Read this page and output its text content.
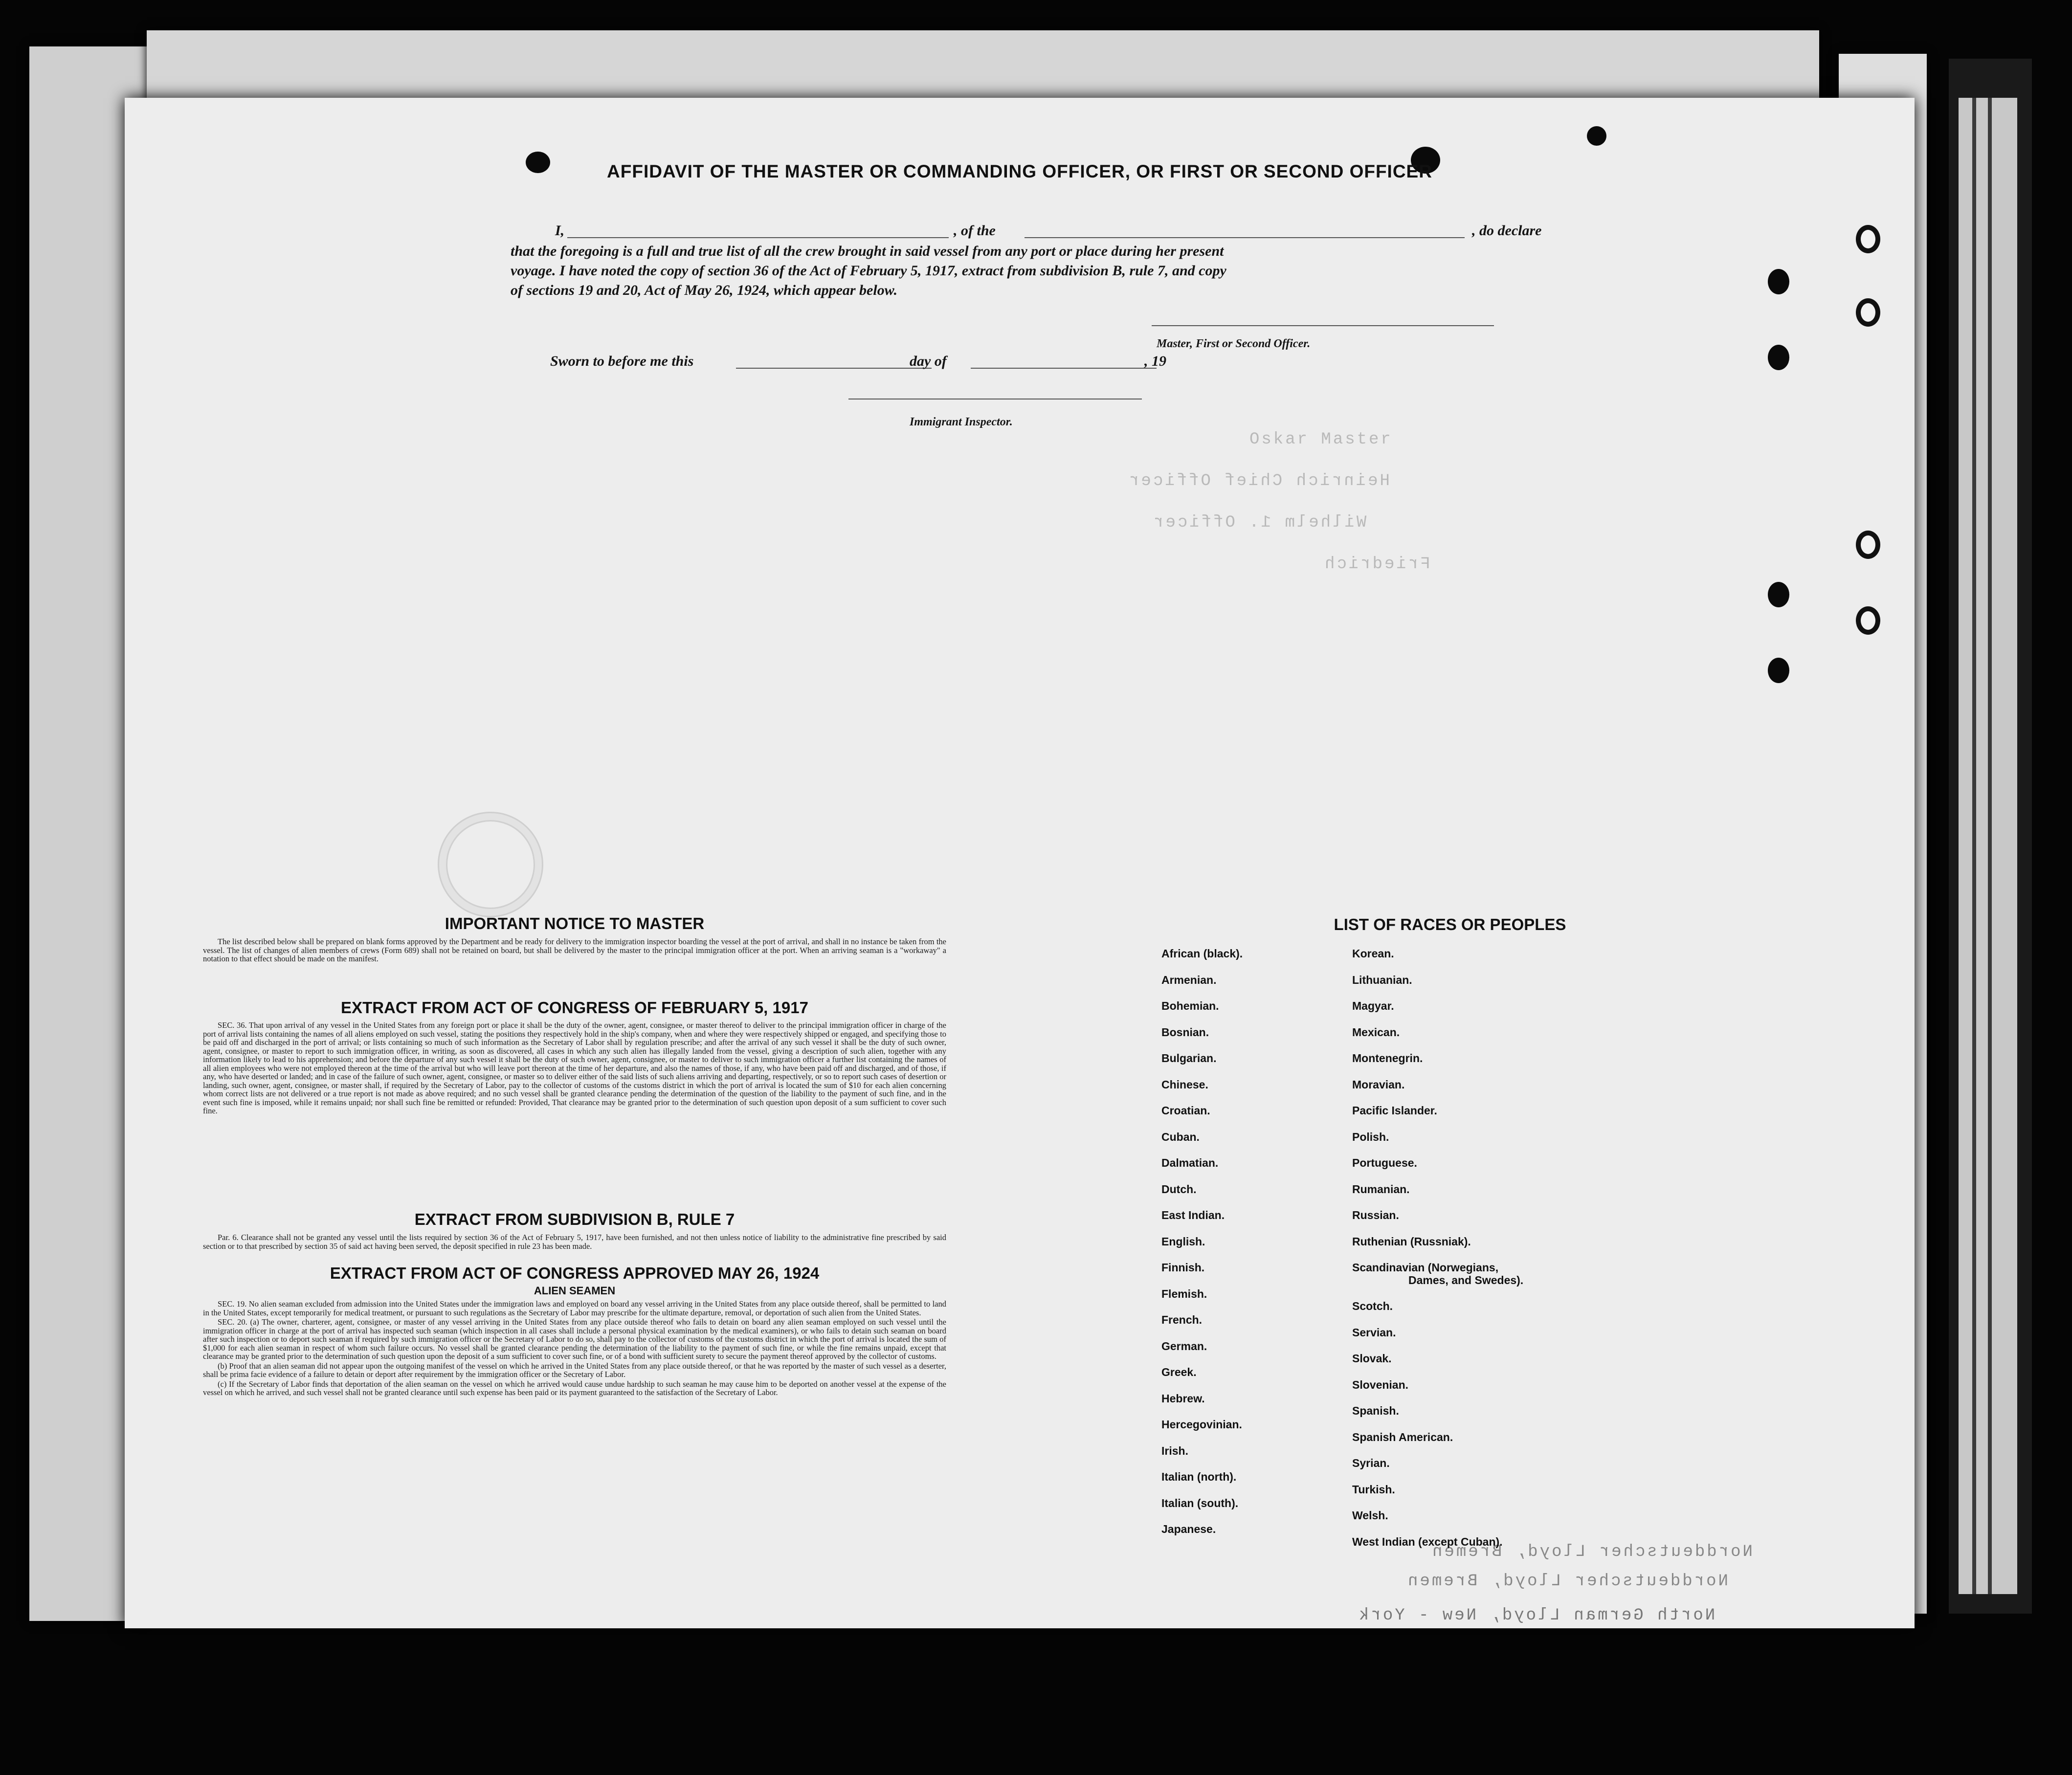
Oskar Master
Heinrich Chief Officer
Wilhelm 1. Officer
Friedrich
Norddeutscher Lloyd, Bremen
Norddeutscher Lloyd, Bremen
North German Lloyd, New - York
AFFIDAVIT OF THE MASTER OR COMMANDING OFFICER, OR FIRST OR SECOND OFFICER
I,	, of the	, do declare
that the foregoing is a full and true list of all the crew brought in said vessel from any port or place during her present
voyage. I have noted the copy of section 36 of the Act of February 5, 1917, extract from subdivision B, rule 7, and copy
of sections 19 and 20, Act of May 26, 1924, which appear below.
Master, First or Second Officer.
Sworn to before me this	day of	, 19
Immigrant Inspector.
IMPORTANT NOTICE TO MASTER

The list described below shall be prepared on blank forms approved by the Department and be ready for delivery to the immigration inspector boarding the vessel at the port of arrival, and shall in no instance be taken from the vessel. The list of changes of alien members of crews (Form 689) shall not be retained on board, but shall be delivered by the master to the principal immigration officer at the port. When an arriving seaman is a "workaway" a notation to that effect should be made on the manifest.

EXTRACT FROM ACT OF CONGRESS OF FEBRUARY 5, 1917

SEC. 36. That upon arrival of any vessel in the United States from any foreign port or place it shall be the duty of the owner, agent, consignee, or master thereof to deliver to the principal immigration officer in charge of the port of arrival lists containing the names of all aliens employed on such vessel, stating the positions they respectively hold in the ship's company, when and where they were respectively shipped or engaged, and specifying those to be paid off and discharged in the port of arrival; or lists containing so much of such information as the Secretary of Labor shall by regulation prescribe; and after the arrival of any such vessel it shall be the duty of such owner, agent, consignee, or master to report to such immigration officer, in writing, as soon as discovered, all cases in which any such alien has illegally landed from the vessel, giving a description of such alien, together with any information likely to lead to his apprehension; and before the departure of any such vessel it shall be the duty of such owner, agent, consignee, or master to deliver to such immigration officer a further list containing the names of all alien employees who were not employed thereon at the time of the arrival but who will leave port thereon at the time of her departure, and also the names of those, if any, who have been paid off and discharged, and of those, if any, who have deserted or landed; and in case of the failure of such owner, agent, consignee, or master so to deliver either of the said lists of such aliens arriving and departing, respectively, or so to report such cases of desertion or landing, such owner, agent, consignee, or master shall, if required by the Secretary of Labor, pay to the collector of customs of the customs district in which the port of arrival is located the sum of $10 for each alien concerning whom correct lists are not delivered or a true report is not made as above required; and no such vessel shall be granted clearance pending the determination of the question of the liability to the payment of such fine, and in the event such fine is imposed, while it remains unpaid; nor shall such fine be remitted or refunded: Provided, That clearance may be granted prior to the determination of such question upon deposit of a sum sufficient to cover such fine.

EXTRACT FROM SUBDIVISION B, RULE 7

Par. 6. Clearance shall not be granted any vessel until the lists required by section 36 of the Act of February 5, 1917, have been furnished, and not then unless notice of liability to the administrative fine prescribed by said section or to that prescribed by section 35 of said act having been served, the deposit specified in rule 23 has been made.

EXTRACT FROM ACT OF CONGRESS APPROVED MAY 26, 1924
ALIEN SEAMEN

SEC. 19. No alien seaman excluded from admission into the United States under the immigration laws and employed on board any vessel arriving in the United States from any place outside thereof, shall be permitted to land in the United States, except temporarily for medical treatment, or pursuant to such regulations as the Secretary of Labor may prescribe for the ultimate departure, removal, or deportation of such alien from the United States.

SEC. 20. (a) The owner, charterer, agent, consignee, or master of any vessel arriving in the United States from any place outside thereof who fails to detain on board any alien seaman employed on such vessel until the immigration officer in charge at the port of arrival has inspected such seaman (which inspection in all cases shall include a personal physical examination by the medical examiners), or who fails to detain such seaman on board after such inspection or to deport such seaman if required by such immigration officer or the Secretary of Labor to do so, shall pay to the collector of customs of the customs district in which the port of arrival is located the sum of $1,000 for each alien seaman in respect of whom such failure occurs. No vessel shall be granted clearance pending the determination of the liability to the payment of such fine, or while the fine remains unpaid, except that clearance may be granted prior to the determination of such question upon the deposit of a sum sufficient to cover such fine, or of a bond with sufficient surety to secure the payment thereof approved by the collector of customs.

(b) Proof that an alien seaman did not appear upon the outgoing manifest of the vessel on which he arrived in the United States from any place outside thereof, or that he was reported by the master of such vessel as a deserter, shall be prima facie evidence of a failure to detain or deport after requirement by the immigration officer or the Secretary of Labor.

(c) If the Secretary of Labor finds that deportation of the alien seaman on the vessel on which he arrived would cause undue hardship to such seaman he may cause him to be deported on another vessel at the expense of the vessel on which he arrived, and such vessel shall not be granted clearance until such expense has been paid or its payment guaranteed to the satisfaction of the Secretary of Labor.

LIST OF RACES OR PEOPLES
African (black).
Armenian.
Bohemian.
Bosnian.
Bulgarian.
Chinese.
Croatian.
Cuban.
Dalmatian.
Dutch.
East Indian.
English.
Finnish.
Flemish.
French.
German.
Greek.
Hebrew.
Hercegovinian.
Irish.
Italian (north).
Italian (south).
Japanese.
Korean.
Lithuanian.
Magyar.
Mexican.
Montenegrin.
Moravian.
Pacific Islander.
Polish.
Portuguese.
Rumanian.
Russian.
Ruthenian (Russniak).
Scandinavian (Norwegians,
Dames, and Swedes).
Scotch.
Servian.
Slovak.
Slovenian.
Spanish.
Spanish American.
Syrian.
Turkish.
Welsh.
West Indian (except Cuban).
